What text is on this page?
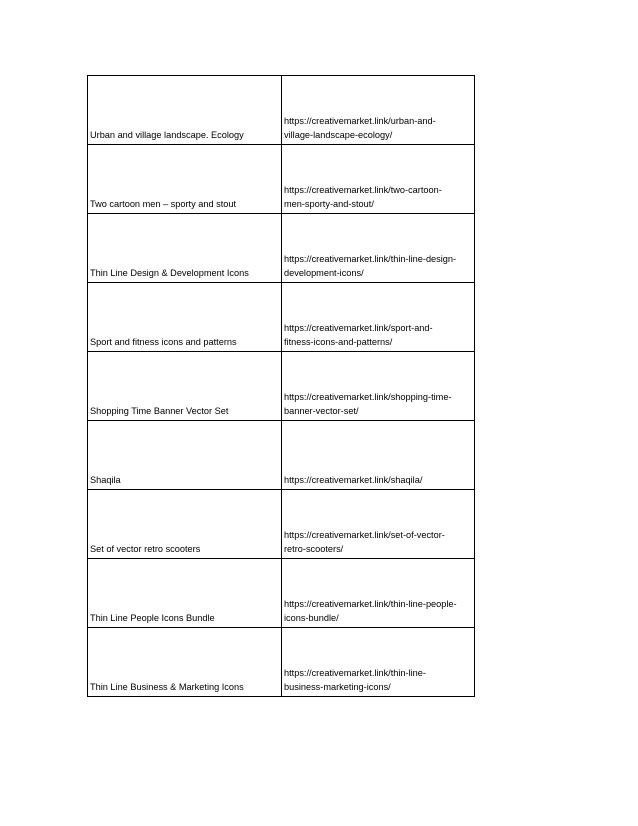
Urban and village landscape. Ecology	https://creativemarket.link/urban-and-
village-landscape-ecology/

Two cartoon men – sporty and stout	https://creativemarket.link/two-cartoon-
men-sporty-and-stout/

Thin Line Design & Development Icons	https://creativemarket.link/thin-line-design-
development-icons/

Sport and fitness icons and patterns	https://creativemarket.link/sport-and-
fitness-icons-and-patterns/

Shopping Time Banner Vector Set	https://creativemarket.link/shopping-time-
banner-vector-set/

Shaqila	https://creativemarket.link/shaqila/

Set of vector retro scooters	https://creativemarket.link/set-of-vector-
retro-scooters/

Thin Line People Icons Bundle	https://creativemarket.link/thin-line-people-
icons-bundle/

Thin Line Business & Marketing Icons	https://creativemarket.link/thin-line-
business-marketing-icons/
